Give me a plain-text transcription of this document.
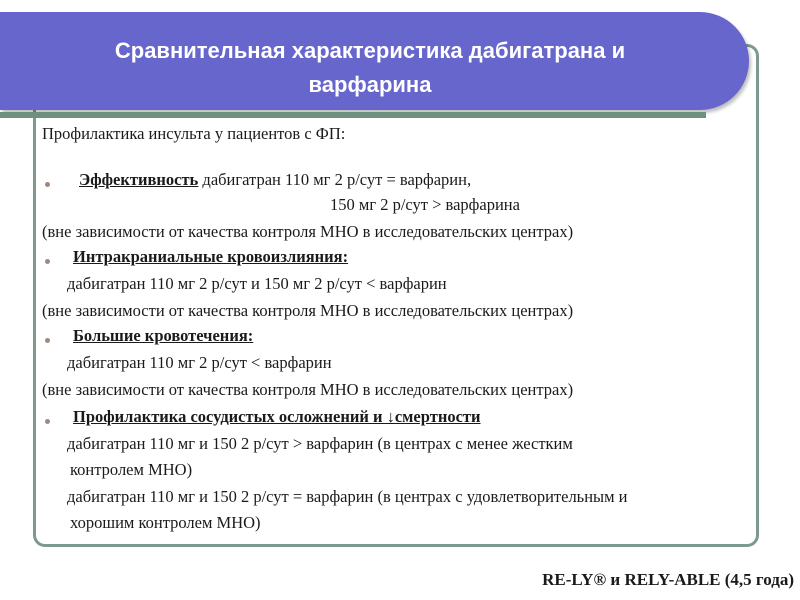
Сравнительная характеристика дабигатрана и
варфарина
Профилактика инсульта у пациентов с ФП:
Эффективность дабигатран 110 мг 2 р/сут = варфарин,
150 мг 2 р/сут > варфарина
(вне зависимости от качества контроля МНО в исследовательских центрах)
Интракраниальные кровоизлияния:
дабигатран 110 мг 2 р/сут и 150 мг 2 р/сут < варфарин
(вне зависимости от качества контроля МНО в исследовательских центрах)
Большие кровотечения:
дабигатран 110 мг 2 р/сут < варфарин
(вне зависимости от качества контроля МНО в исследовательских центрах)
Профилактика сосудистых осложнений и ↓смертности
дабигатран 110 мг и 150 2 р/сут > варфарин (в центрах с менее жестким
контролем МНО)
дабигатран 110 мг и 150 2 р/сут = варфарин (в центрах с удовлетворительным и
хорошим контролем МНО)
RE-LY® и RELY-ABLE (4,5 года)
